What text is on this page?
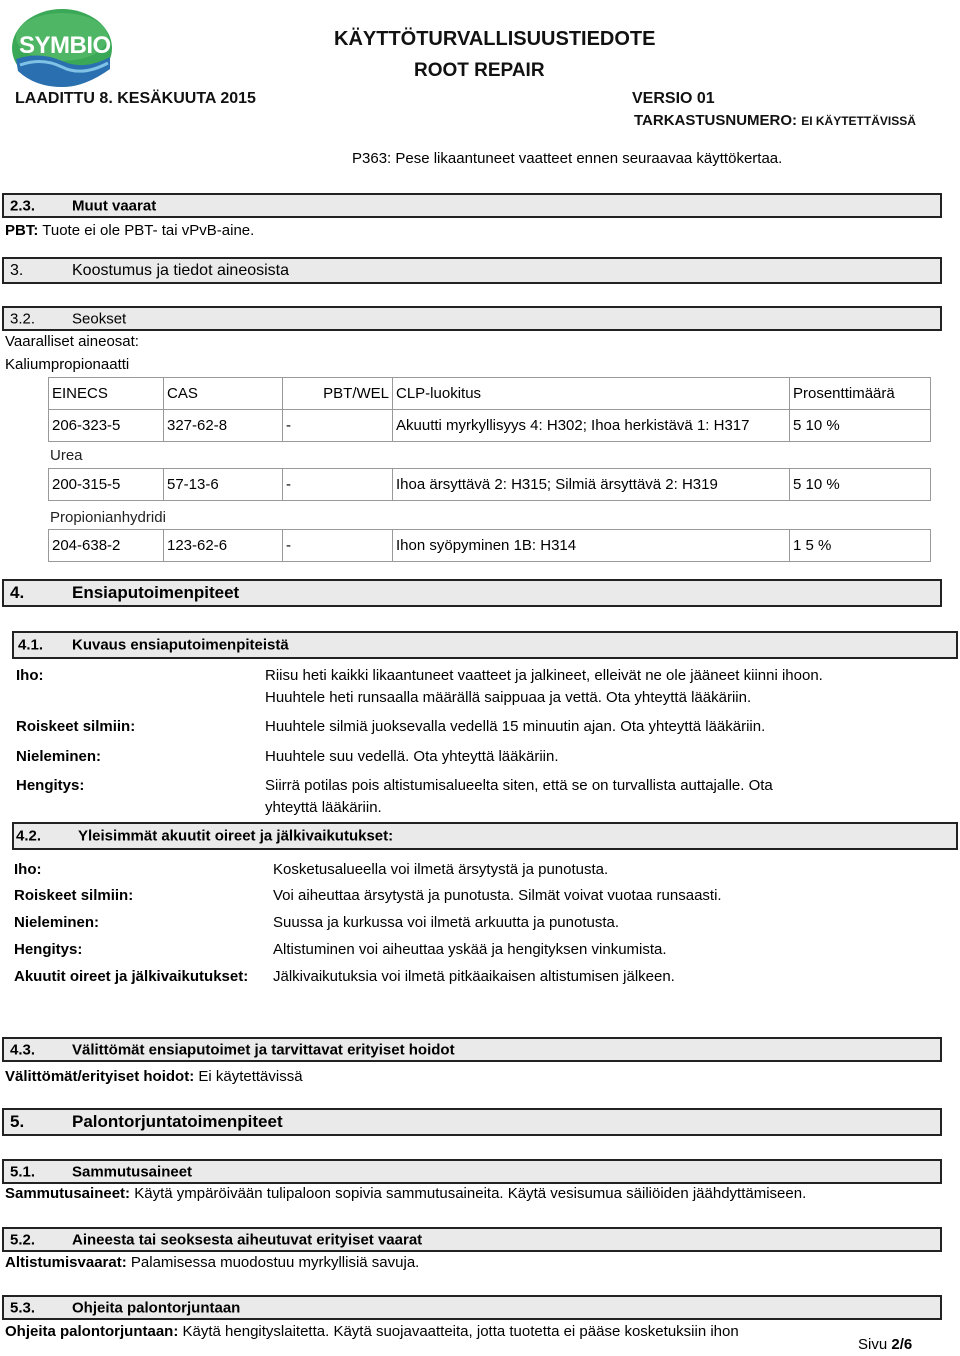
SYMBIO	KÄYTTÖTURVALLISUUSTIEDOTE
ROOT REPAIR
LAADITTU 8. KESÄKUUTA 2015	VERSIO 01
TARKASTUSNUMERO: EI KÄYTETTÄVISSÄ
P363: Pese likaantuneet vaatteet ennen seuraavaa käyttökertaa.
2.3. Muut vaarat
PBT: Tuote ei ole PBT- tai vPvB-aine.
3.	Koostumus ja tiedot aineosista
3.2. Seokset
Vaaralliset aineosat:
Kaliumpropionaatti
EINECS	CAS	PBT/WEL	CLP-luokitus	Prosenttimäärä
206-323-5	327-62-8	-	Akuutti myrkyllisyys 4: H302; Ihoa herkistävä 1: H317	5 10 %
Urea
200-315-5	57-13-6	-	Ihoa ärsyttävä 2: H315; Silmiä ärsyttävä 2: H319	5 10 %
Propionianhydridi
204-638-2	123-62-6	-	Ihon syöpyminen 1B: H314	1 5 %
4.	Ensiaputoimenpiteet
4.1. Kuvaus ensiaputoimenpiteistä
Iho:	Riisu heti kaikki likaantuneet vaatteet ja jalkineet, elleivät ne ole jääneet kiinni ihoon.
Huuhtele heti runsaalla määrällä saippuaa ja vettä. Ota yhteyttä lääkäriin.
Roiskeet silmiin:	Huuhtele silmiä juoksevalla vedellä 15 minuutin ajan. Ota yhteyttä lääkäriin.
Nieleminen:	Huuhtele suu vedellä. Ota yhteyttä lääkäriin.
Hengitys:	Siirrä potilas pois altistumisalueelta siten, että se on turvallista auttajalle. Ota
yhteyttä lääkäriin.
4.2. Yleisimmät akuutit oireet ja jälkivaikutukset:
Iho:	Kosketusalueella voi ilmetä ärsytystä ja punotusta.
Roiskeet silmiin:	Voi aiheuttaa ärsytystä ja punotusta. Silmät voivat vuotaa runsaasti.
Nieleminen:	Suussa ja kurkussa voi ilmetä arkuutta ja punotusta.
Hengitys:	Altistuminen voi aiheuttaa yskää ja hengityksen vinkumista.
Akuutit oireet ja jälkivaikutukset: Jälkivaikutuksia voi ilmetä pitkäaikaisen altistumisen jälkeen.
4.3. Välittömät ensiaputoimet ja tarvittavat erityiset hoidot
Välittömät/erityiset hoidot: Ei käytettävissä
5.	Palontorjuntatoimenpiteet
5.1. Sammutusaineet
Sammutusaineet: Käytä ympäröivään tulipaloon sopivia sammutusaineita. Käytä vesisumua säiliöiden jäähdyttämiseen.
5.2. Aineesta tai seoksesta aiheutuvat erityiset vaarat
Altistumisvaarat: Palamisessa muodostuu myrkyllisiä savuja.
5.3. Ohjeita palontorjuntaan
Ohjeita palontorjuntaan: Käytä hengityslaitetta. Käytä suojavaatteita, jotta tuotetta ei pääse kosketuksiin ihon
Sivu 2/6
